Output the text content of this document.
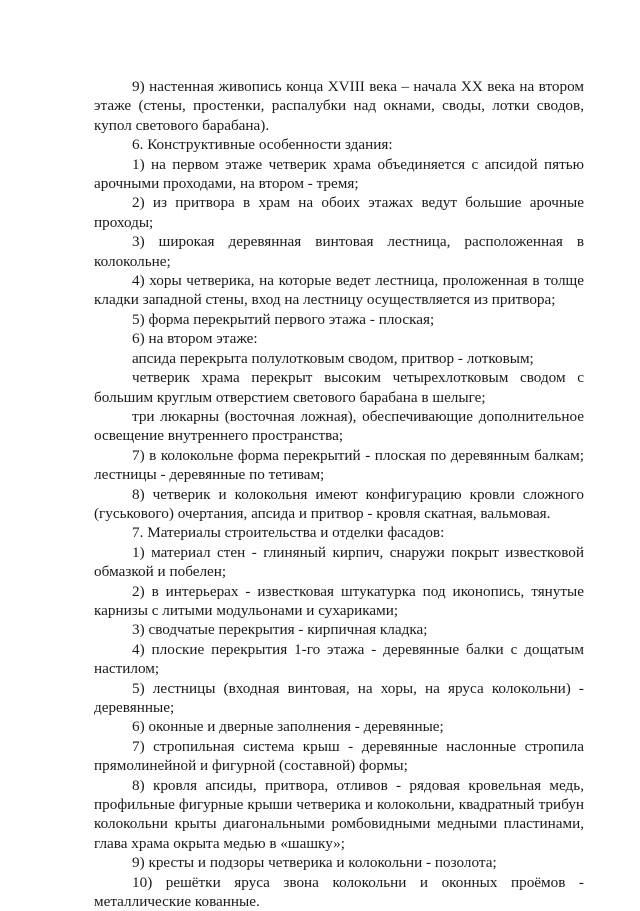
9) настенная живопись конца XVIII века – начала XX века на втором этаже (стены, простенки, распалубки над окнами, своды, лотки сводов, купол светового барабана).

6. Конструктивные особенности здания:

1) на первом этаже четверик храма объединяется с апсидой пятью арочными проходами, на втором - тремя;

2) из притвора в храм на обоих этажах ведут большие арочные проходы;

3) широкая деревянная винтовая лестница, расположенная в колокольне;

4) хоры четверика, на которые ведет лестница, проложенная в толще кладки западной стены, вход на лестницу осуществляется из притвора;

5) форма перекрытий первого этажа - плоская;

6) на втором этаже:

апсида перекрыта полулотковым сводом, притвор - лотковым;

четверик храма перекрыт высоким четырехлотковым сводом с большим круглым отверстием светового барабана в шелыге;

три люкарны (восточная ложная), обеспечивающие дополнительное освещение внутреннего пространства;

7) в колокольне форма перекрытий - плоская по деревянным балкам; лестницы - деревянные по тетивам;

8) четверик и колокольня имеют конфигурацию кровли сложного (гуськового) очертания, апсида и притвор - кровля скатная, вальмовая.

7. Материалы строительства и отделки фасадов:

1) материал стен - глиняный кирпич, снаружи покрыт известковой обмазкой и побелен;

2) в интерьерах - известковая штукатурка под иконопись, тянутые карнизы с литыми модульонами и сухариками;

3) сводчатые перекрытия - кирпичная кладка;

4) плоские перекрытия 1-го этажа - деревянные балки с дощатым настилом;

5) лестницы (входная винтовая, на хоры, на яруса колокольни) - деревянные;

6) оконные и дверные заполнения - деревянные;

7) стропильная система крыш - деревянные наслонные стропила прямолинейной и фигурной (составной) формы;

8) кровля апсиды, притвора, отливов - рядовая кровельная медь, профильные фигурные крыши четверика и колокольни, квадратный трибун колокольни крыты диагональными ромбовидными медными пластинами, глава храма окрыта медью в «шашку»;

9) кресты и подзоры четверика и колокольни - позолота;

10) решётки яруса звона колокольни и оконных проёмов - металлические кованные.
